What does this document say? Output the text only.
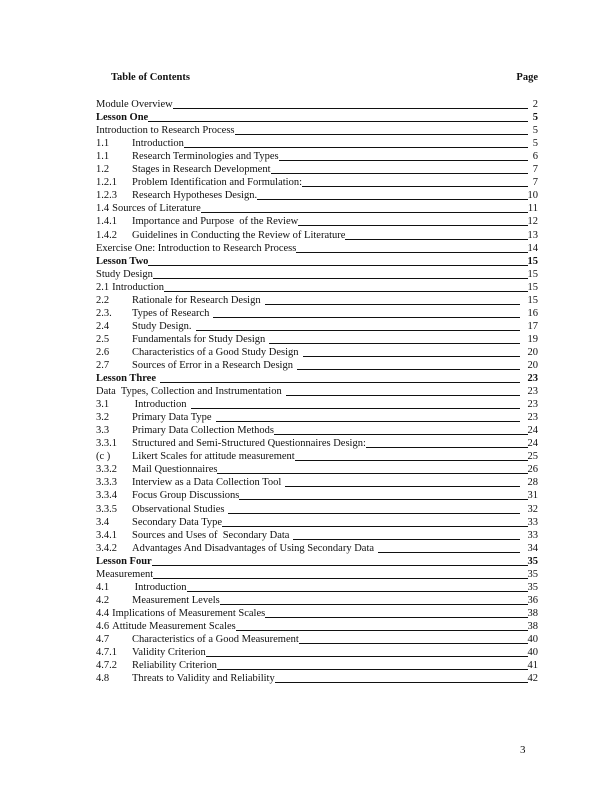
Table of Contents	Page
Module Overview	2
Lesson One	5
Introduction to Research Process	5
1.1	Introduction	5
1.1	Research Terminologies and Types	6
1.2	Stages in Research Development	7
1.2.1	Problem Identification and Formulation:	7
1.2.3	Research Hypotheses Design.	10
1.4 Sources of Literature	11
1.4.1	Importance and Purpose  of the Review	12
1.4.2	Guidelines in Conducting the Review of Literature	13
Exercise One: Introduction to Research Process	14
Lesson Two	15
Study Design	15
2.1 Introduction	15
2.2	Rationale for Research Design	15
2.3.	Types of Research	16
2.4	Study Design.	17
2.5	Fundamentals for Study Design	19
2.6	Characteristics of a Good Study Design	20
2.7	Sources of Error in a Research Design	20
Lesson Three	23
Data  Types, Collection and Instrumentation	23
3.1	Introduction	23
3.2	Primary Data Type	23
3.3	Primary Data Collection Methods	24
3.3.1	Structured and Semi-Structured Questionnaires Design:	24
(c )	Likert Scales for attitude measurement	25
3.3.2	Mail Questionnaires	26
3.3.3	Interview as a Data Collection Tool	28
3.3.4	Focus Group Discussions	31
3.3.5	Observational Studies	32
3.4	Secondary Data Type	33
3.4.1	Sources and Uses of  Secondary Data	33
3.4.2	Advantages And Disadvantages of Using Secondary Data	34
Lesson Four	35
Measurement	35
4.1	Introduction	35
4.2	Measurement Levels	36
4.4 Implications of Measurement Scales	38
4.6 Attitude Measurement Scales	38
4.7	Characteristics of a Good Measurement	40
4.7.1	Validity Criterion	40
4.7.2	Reliability Criterion	41
4.8	Threats to Validity and Reliability	42
3
